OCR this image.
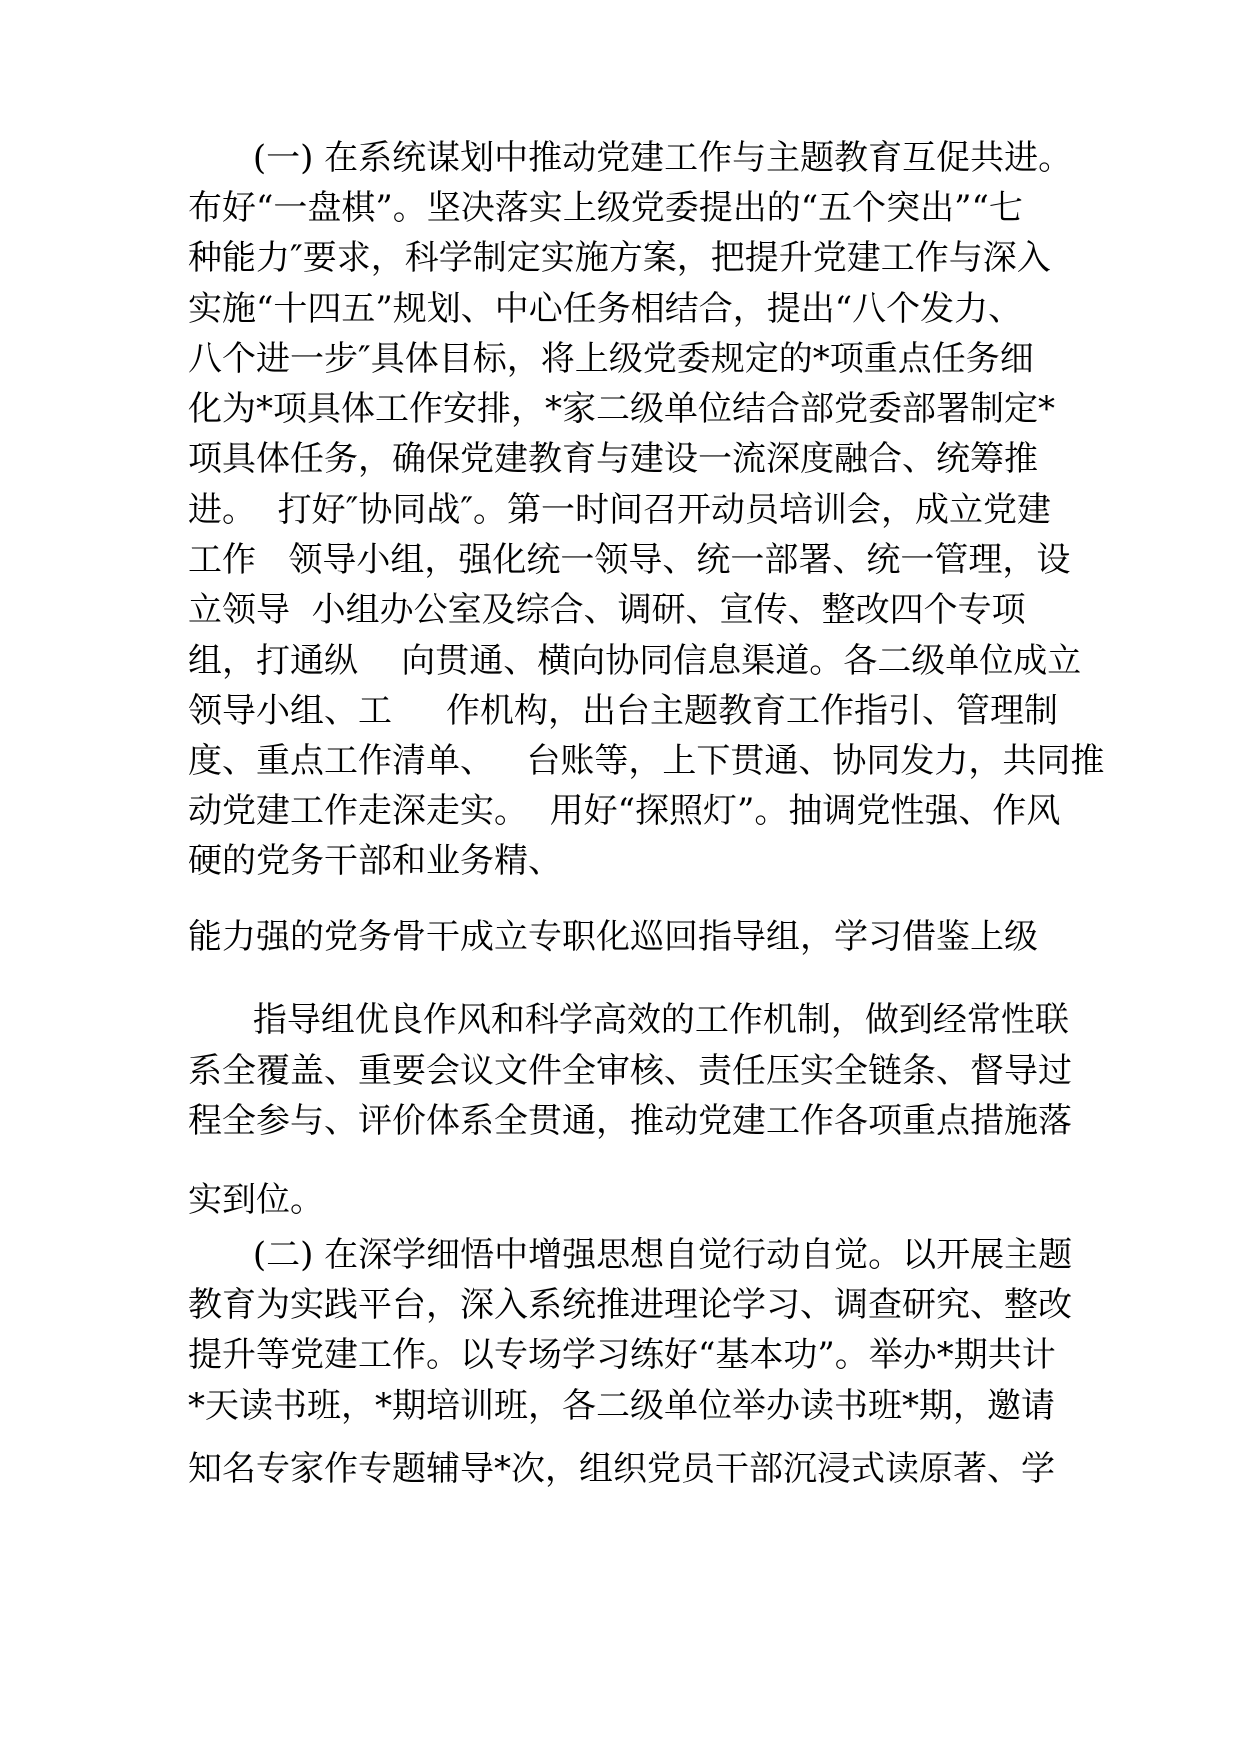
(一) 在系统谋划中推动党建工作与主题教育互促共进。
布好“一盘棋”。坚决落实上级党委提出的“五个突出”“七
种能力″要求，科学制定实施方案，把提升党建工作与深入
实施“十四五”规划、中心任务相结合，提出“八个发力、
八个进一步″具体目标，将上级党委规定的*项重点任务细
化为*项具体工作安排，*家二级单位结合部党委部署制定*
项具体任务，确保党建教育与建设一流深度融合、统筹推
进。  打好″协同战″。第一时间召开动员培训会，成立党建
工作   领导小组，强化统一领导、统一部署、统一管理，设
立领导  小组办公室及综合、调研、宣传、整改四个专项
组，打通纵    向贯通、横向协同信息渠道。各二级单位成立
领导小组、工     作机构，出台主题教育工作指引、管理制
度、重点工作清单、   台账等，上下贯通、协同发力，共同推
动党建工作走深走实。  用好“探照灯”。抽调党性强、作风
硬的党务干部和业务精、
能力强的党务骨干成立专职化巡回指导组，学习借鉴上级
指导组优良作风和科学高效的工作机制，做到经常性联
系全覆盖、重要会议文件全审核、责任压实全链条、督导过
程全参与、评价体系全贯通，推动党建工作各项重点措施落
实到位。
(二) 在深学细悟中增强思想自觉行动自觉。以开展主题
教育为实践平台，深入系统推进理论学习、调查研究、整改
提升等党建工作。以专场学习练好“基本功”。举办*期共计
*天读书班，*期培训班，各二级单位举办读书班*期，邀请
知名专家作专题辅导*次，组织党员干部沉浸式读原著、学
